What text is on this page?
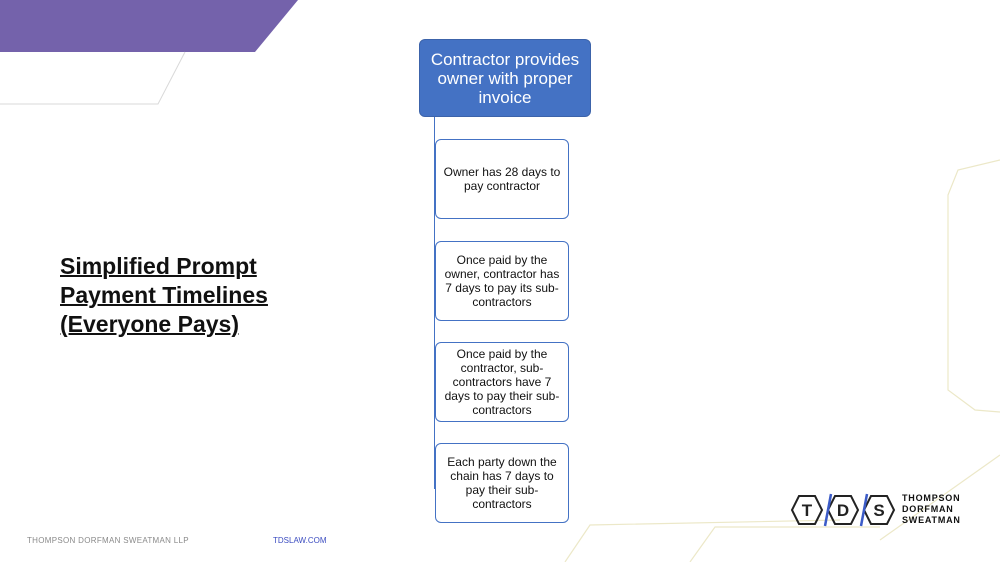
Simplified Prompt Payment Timelines (Everyone Pays)
Contractor provides owner with proper invoice
Owner has 28 days to pay contractor
Once paid by the owner, contractor has 7 days to pay its sub-contractors
Once paid by the contractor, sub-contractors have 7 days to pay their sub-contractors
Each party down the chain has 7 days to pay their sub-contractors
THOMPSON DORFMAN SWEATMAN LLP	TDSLAW.COM
T D S
THOMPSON
DORFMAN
SWEATMAN
